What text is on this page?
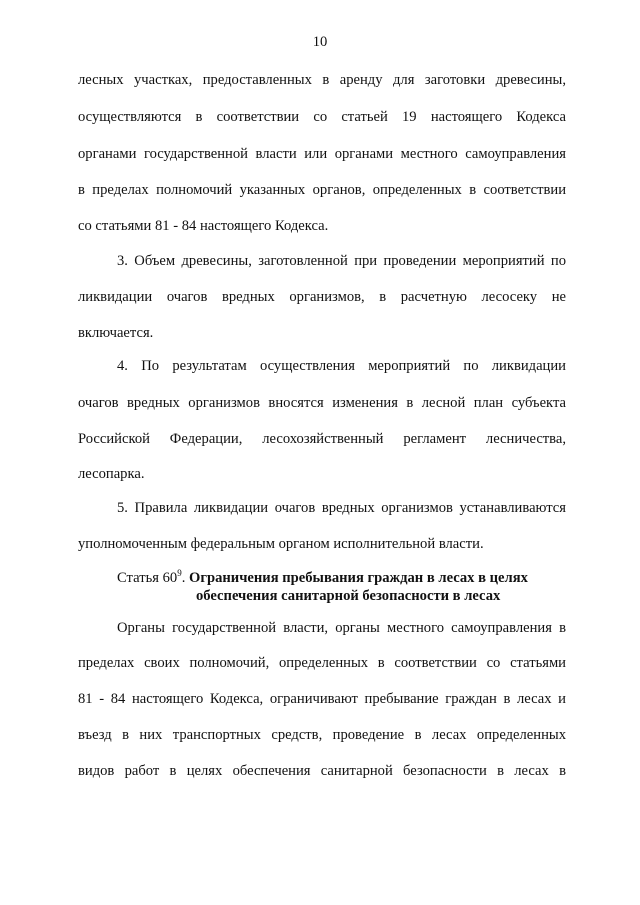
10
лесных участках, предоставленных в аренду для заготовки древесины,
осуществляются в соответствии со статьей 19 настоящего Кодекса
органами государственной власти или органами местного самоуправления
в пределах полномочий указанных органов, определенных в соответствии
со статьями 81 - 84 настоящего Кодекса.
3. Объем древесины, заготовленной при проведении мероприятий по
ликвидации очагов вредных организмов, в расчетную лесосеку не
включается.
4. По результатам осуществления мероприятий по ликвидации
очагов вредных организмов вносятся изменения в лесной план субъекта
Российской Федерации, лесохозяйственный регламент лесничества,
лесопарка.
5. Правила ликвидации очагов вредных организмов устанавливаются
уполномоченным федеральным органом исполнительной власти.
Статья $60^9$. Ограничения пребывания граждан в лесах в целях
обеспечения санитарной безопасности в лесах
Органы государственной власти, органы местного самоуправления в
пределах своих полномочий, определенных в соответствии со статьями
81 - 84 настоящего Кодекса, ограничивают пребывание граждан в лесах и
въезд в них транспортных средств, проведение в лесах определенных
видов работ в целях обеспечения санитарной безопасности в лесах в
